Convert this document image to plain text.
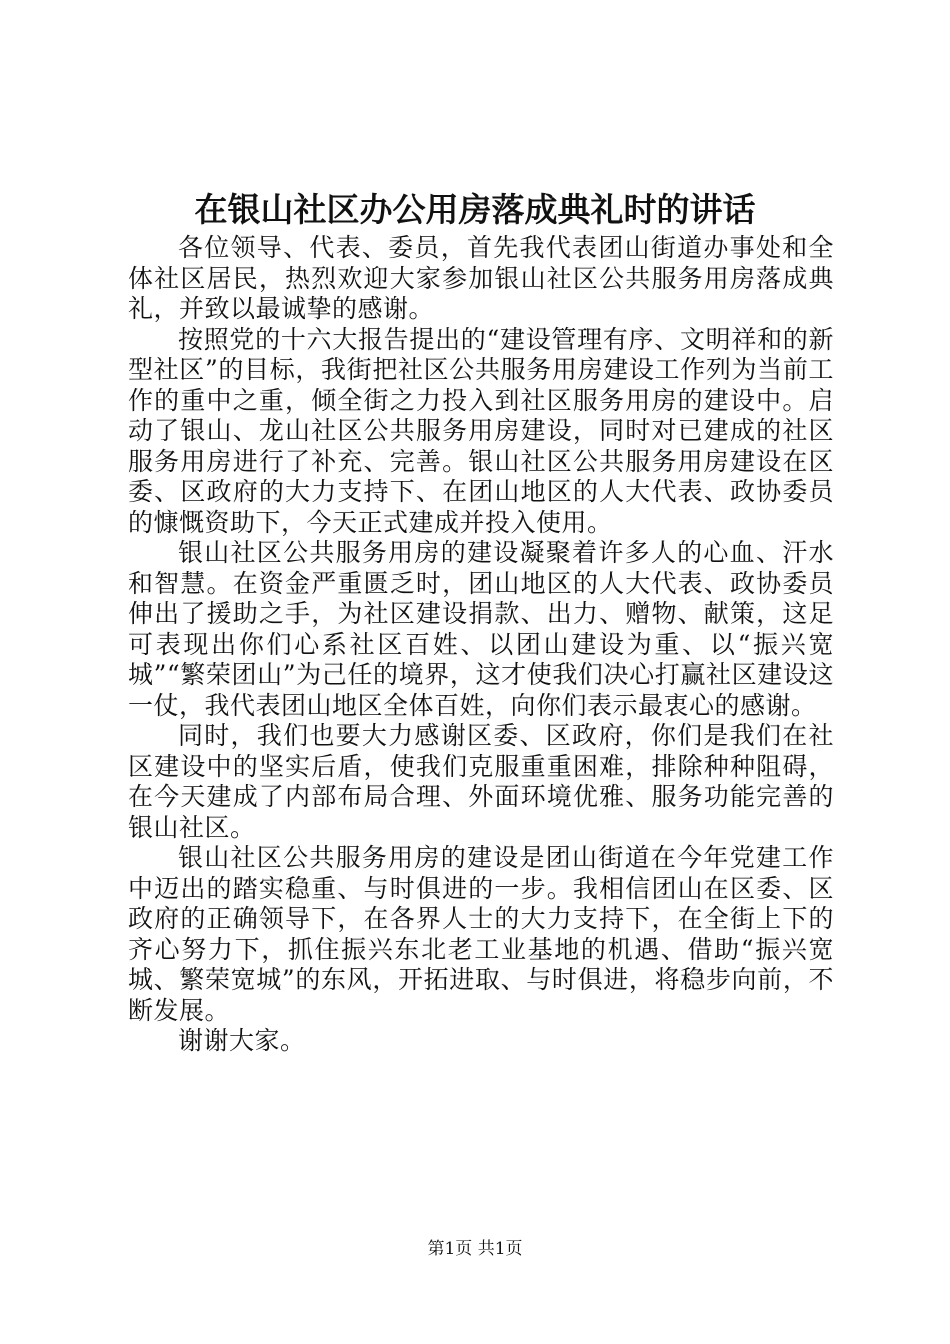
在银山社区办公用房落成典礼时的讲话

各位领导、代表、委员，首先我代表团山街道办事处和全体社区居民，热烈欢迎大家参加银山社区公共服务用房落成典礼，并致以最诚挚的感谢。

按照党的十六大报告提出的“建设管理有序、文明祥和的新型社区”的目标，我街把社区公共服务用房建设工作列为当前工作的重中之重，倾全街之力投入到社区服务用房的建设中。启动了银山、龙山社区公共服务用房建设，同时对已建成的社区服务用房进行了补充、完善。银山社区公共服务用房建设在区委、区政府的大力支持下、在团山地区的人大代表、政协委员的慷慨资助下，今天正式建成并投入使用。

银山社区公共服务用房的建设凝聚着许多人的心血、汗水和智慧。在资金严重匮乏时，团山地区的人大代表、政协委员伸出了援助之手，为社区建设捐款、出力、赠物、献策，这足可表现出你们心系社区百姓、以团山建设为重、以“振兴宽城”“繁荣团山”为己任的境界，这才使我们决心打赢社区建设这一仗，我代表团山地区全体百姓，向你们表示最衷心的感谢。

同时，我们也要大力感谢区委、区政府，你们是我们在社区建设中的坚实后盾，使我们克服重重困难，排除种种阻碍，在今天建成了内部布局合理、外面环境优雅、服务功能完善的银山社区。

银山社区公共服务用房的建设是团山街道在今年党建工作中迈出的踏实稳重、与时俱进的一步。我相信团山在区委、区政府的正确领导下，在各界人士的大力支持下，在全街上下的齐心努力下，抓住振兴东北老工业基地的机遇、借助“振兴宽城、繁荣宽城”的东风，开拓进取、与时俱进，将稳步向前，不断发展。

谢谢大家。

第1页 共1页
